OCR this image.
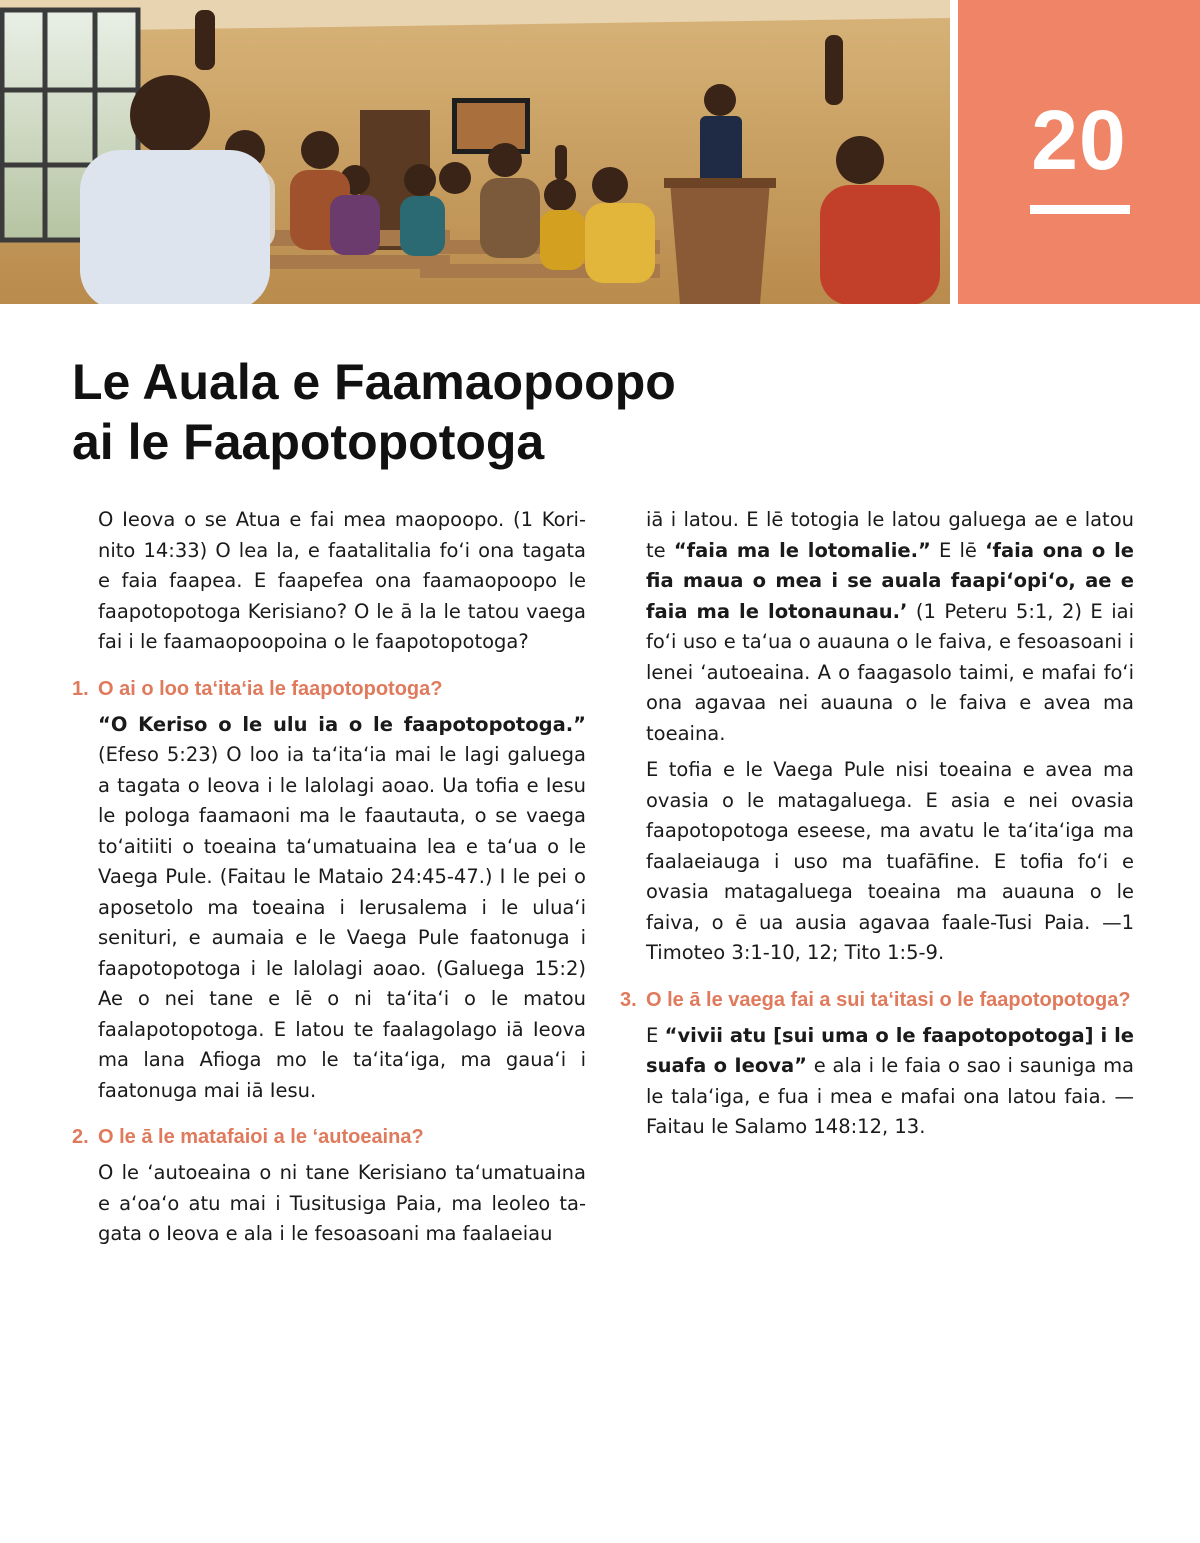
20
Le Auala e Faamaopoopo
ai le Faapotopotoga

O Ieova o se Atua e fai mea maopoopo. (1 Korinito 14:33) O lea la, e faatalitalia fo‘i ona tagata e faia faapea. E faapefea ona faamaopoopo le faapotopotoga Kerisiano? O le ā la le tatou vaega fai i le faamaopoopoina o le faapotopotoga?

1. O ai o loo ta‘ita‘ia le faapotopotoga?

“O Keriso o le ulu ia o le faapotopotoga.” (Efeso 5:23) O loo ia ta‘ita‘ia mai le lagi galuega a tagata o Ieova i le lalolagi aoao. Ua tofia e Iesu le pologa faamaoni ma le faautauta, o se vaega to‘aitiiti o toeaina ta‘umatuaina lea e ta‘ua o le Vaega Pule. (Faitau le Mataio 24:45-47.) I le pei o aposetolo ma toeaina i Ierusalema i le ulua‘i senituri, e aumaia e le Vaega Pule faatonuga i faapotopotoga i le lalolagi aoao. (Galuega 15:2) Ae o nei tane e lē o ni ta‘ita‘i o le matou faalapotopotoga. E latou te faalagolago iā Ieova ma lana Afioga mo le ta‘ita‘iga, ma gaua‘i i faatonuga mai iā Iesu.

2. O le ā le matafaioi a le ‘autoeaina?

O le ‘autoeaina o ni tane Kerisiano ta‘umatuaina e a‘oa‘o atu mai i Tusitusiga Paia, ma leoleo tagata o Ieova e ala i le fesoasoani ma faalaeiau

iā i latou. E lē totogia le latou galuega ae e latou te “faia ma le lotomalie.” E lē ‘faia ona o le fia maua o mea i se auala faapi‘opi‘o, ae e faia ma le lotonaunau.’ (1 Peteru 5:1, 2) E iai fo‘i uso e ta‘ua o auauna o le faiva, e fesoasoani i lenei ‘autoeaina. A o faagasolo taimi, e mafai fo‘i ona agavaa nei auauna o le faiva e avea ma toeaina.

E tofia e le Vaega Pule nisi toeaina e avea ma ovasia o le matagaluega. E asia e nei ovasia faapotopotoga eseese, ma avatu le ta‘ita‘iga ma faalaeiauga i uso ma tuafāfine. E tofia fo‘i e ovasia matagaluega toeaina ma auauna o le faiva, o ē ua ausia agavaa faale-Tusi Paia. —1 Timoteo 3:1-10, 12; Tito 1:5-9.

3. O le ā le vaega fai a sui ta‘itasi o le faapotopotoga?

E “vivii atu [sui uma o le faapotopotoga] i le suafa o Ieova” e ala i le faia o sao i sauniga ma le tala‘iga, e fua i mea e mafai ona latou faia. —Faitau le Salamo 148:12, 13.
